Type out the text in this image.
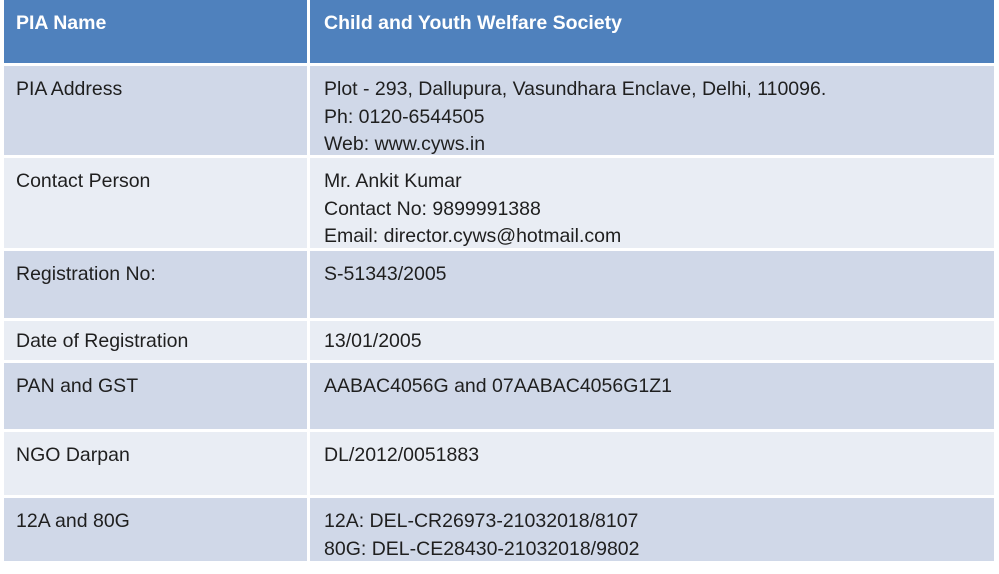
PIA Name	Child and Youth Welfare Society
PIA Address	Plot - 293, Dallupura, Vasundhara Enclave, Delhi, 110096.
Ph: 0120-6544505
Web: www.cyws.in
Contact Person	Mr. Ankit Kumar
Contact No: 9899991388
Email: director.cyws@hotmail.com
Registration No:	S-51343/2005
Date of Registration	13/01/2005
PAN and GST	AABAC4056G and 07AABAC4056G1Z1
NGO Darpan	DL/2012/0051883
12A and 80G	12A: DEL-CR26973-21032018/8107
80G: DEL-CE28430-21032018/9802
